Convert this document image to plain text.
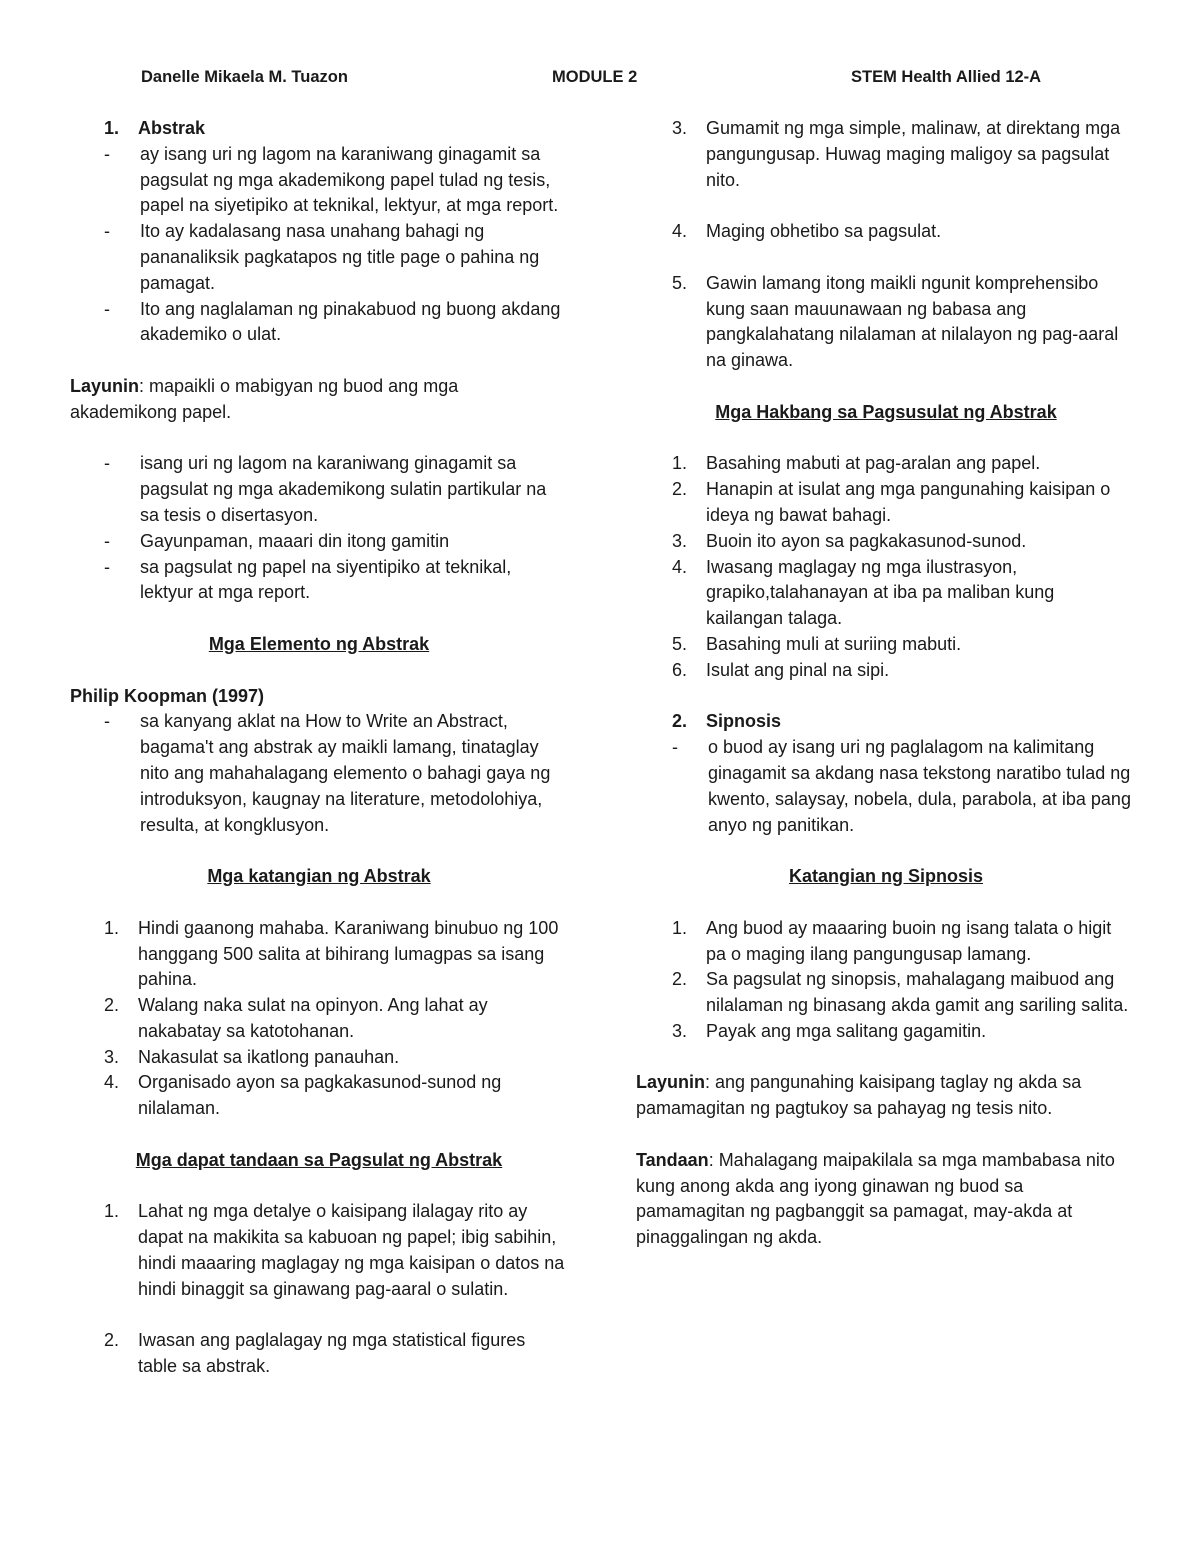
Danelle Mikaela M. Tuazon	MODULE 2	STEM Health Allied 12-A
1.	Abstrak
-	ay isang uri ng lagom na karaniwang ginagamit sa pagsulat ng mga akademikong papel tulad ng tesis, papel na siyetipiko at teknikal, lektyur, at mga report.
-	Ito ay kadalasang nasa unahang bahagi ng pananaliksik pagkatapos ng title page o pahina ng pamagat.
-	Ito ang naglalaman ng pinakabuod ng buong akdang akademiko o ulat.
Layunin: mapaikli o mabigyan ng buod ang mga akademikong papel.
-	isang uri ng lagom na karaniwang ginagamit sa pagsulat ng mga akademikong sulatin partikular na sa tesis o disertasyon.
-	Gayunpaman, maaari din itong gamitin
-	sa pagsulat ng papel na siyentipiko at teknikal, lektyur at mga report.
Mga Elemento ng Abstrak
Philip Koopman (1997)
-	sa kanyang aklat na How to Write an Abstract, bagama't ang abstrak ay maikli lamang, tinataglay nito ang mahahalagang elemento o bahagi gaya ng introduksyon, kaugnay na literature, metodolohiya, resulta, at kongklusyon.
Mga katangian ng Abstrak
1.	Hindi gaanong mahaba. Karaniwang binubuo ng 100 hanggang 500 salita at bihirang lumagpas sa isang pahina.
2.	Walang naka sulat na opinyon. Ang lahat ay nakabatay sa katotohanan.
3.	Nakasulat sa ikatlong panauhan.
4.	Organisado ayon sa pagkakasunod-sunod ng nilalaman.
Mga dapat tandaan sa Pagsulat ng Abstrak
1.	Lahat ng mga detalye o kaisipang ilalagay rito ay dapat na makikita sa kabuoan ng papel; ibig sabihin, hindi maaaring maglagay ng mga kaisipan o datos na hindi binaggit sa ginawang pag-aaral o sulatin.
2.	Iwasan ang paglalagay ng mga statistical figures table sa abstrak.
3.	Gumamit ng mga simple, malinaw, at direktang mga pangungusap. Huwag maging maligoy sa pagsulat nito.
4.	Maging obhetibo sa pagsulat.
5.	Gawin lamang itong maikli ngunit komprehensibo kung saan mauunawaan ng babasa ang pangkalahatang nilalaman at nilalayon ng pag-aaral na ginawa.
Mga Hakbang sa Pagsusulat ng Abstrak
1.	Basahing mabuti at pag-aralan ang papel.
2.	Hanapin at isulat ang mga pangunahing kaisipan o ideya ng bawat bahagi.
3.	Buoin ito ayon sa pagkakasunod-sunod.
4.	Iwasang maglagay ng mga ilustrasyon, grapiko,talahanayan at iba pa maliban kung kailangan talaga.
5.	Basahing muli at suriing mabuti.
6.	Isulat ang pinal na sipi.
2.	Sipnosis
-	o buod ay isang uri ng paglalagom na kalimitang ginagamit sa akdang nasa tekstong naratibo tulad ng kwento, salaysay, nobela, dula, parabola, at iba pang anyo ng panitikan.
Katangian ng Sipnosis
1.	Ang buod ay maaaring buoin ng isang talata o higit pa o maging ilang pangungusap lamang.
2.	Sa pagsulat ng sinopsis, mahalagang maibuod ang nilalaman ng binasang akda gamit ang sariling salita.
3.	Payak ang mga salitang gagamitin.
Layunin: ang pangunahing kaisipang taglay ng akda sa pamamagitan ng pagtukoy sa pahayag ng tesis nito.
Tandaan: Mahalagang maipakilala sa mga mambabasa nito kung anong akda ang iyong ginawan ng buod sa pamamagitan ng pagbanggit sa pamagat, may-akda at pinaggalingan ng akda.
